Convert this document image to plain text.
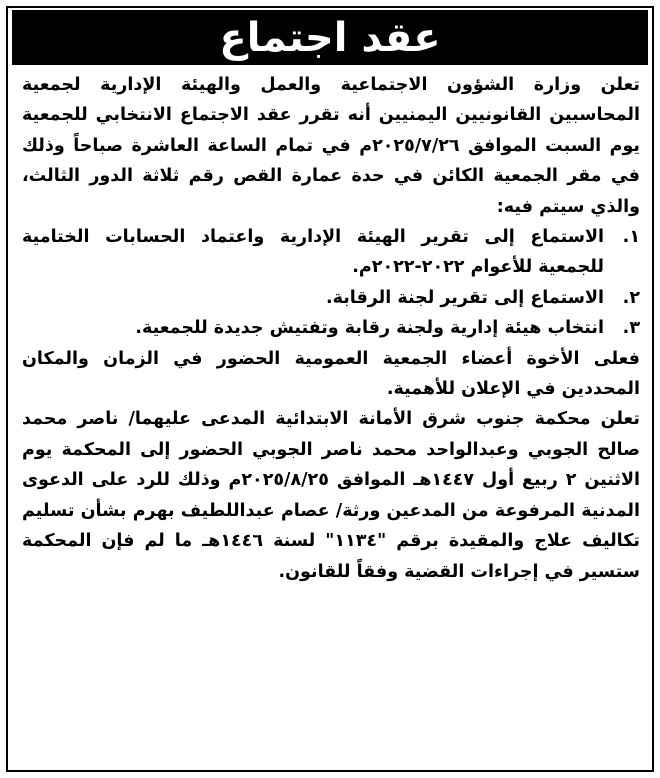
عقد اجتماع

تعلن وزارة الشؤون الاجتماعية والعمل والهيئة الإدارية لجمعية المحاسبين القانونيين اليمنيين أنه تقرر عقد الاجتماع الانتخابي للجمعية يوم السبت الموافق ٢٠٢٥/٧/٢٦م في تمام الساعة العاشرة صباحاً وذلك في مقر الجمعية الكائن في حدة عمارة القص رقم ثلاثة الدور الثالث، والذي سيتم فيه:

١.
الاستماع إلى تقرير الهيئة الإدارية واعتماد الحسابات الختامية للجمعية للأعوام ٢٠٢٢-٢٠٢٢م.
٢.
الاستماع إلى تقرير لجنة الرقابة.
٣.
انتخاب هيئة إدارية ولجنة رقابة وتفتيش جديدة للجمعية.

فعلى الأخوة أعضاء الجمعية العمومية الحضور في الزمان والمكان المحددين في الإعلان للأهمية.

تعلن محكمة جنوب شرق الأمانة الابتدائية المدعى عليهما/ ناصر محمد صالح الجوبي وعبدالواحد محمد ناصر الجوبي الحضور إلى المحكمة يوم الاثنين ٢ ربيع أول ١٤٤٧هـ الموافق ٢٠٢٥/٨/٢٥م وذلك للرد على الدعوى المدنية المرفوعة من المدعين ورثة/ عصام عبداللطيف بهرم بشأن تسليم تكاليف علاج والمقيدة برقم "١١٣٤" لسنة ١٤٤٦هـ ما لم فإن المحكمة ستسير في إجراءات القضية وفقاً للقانون.
